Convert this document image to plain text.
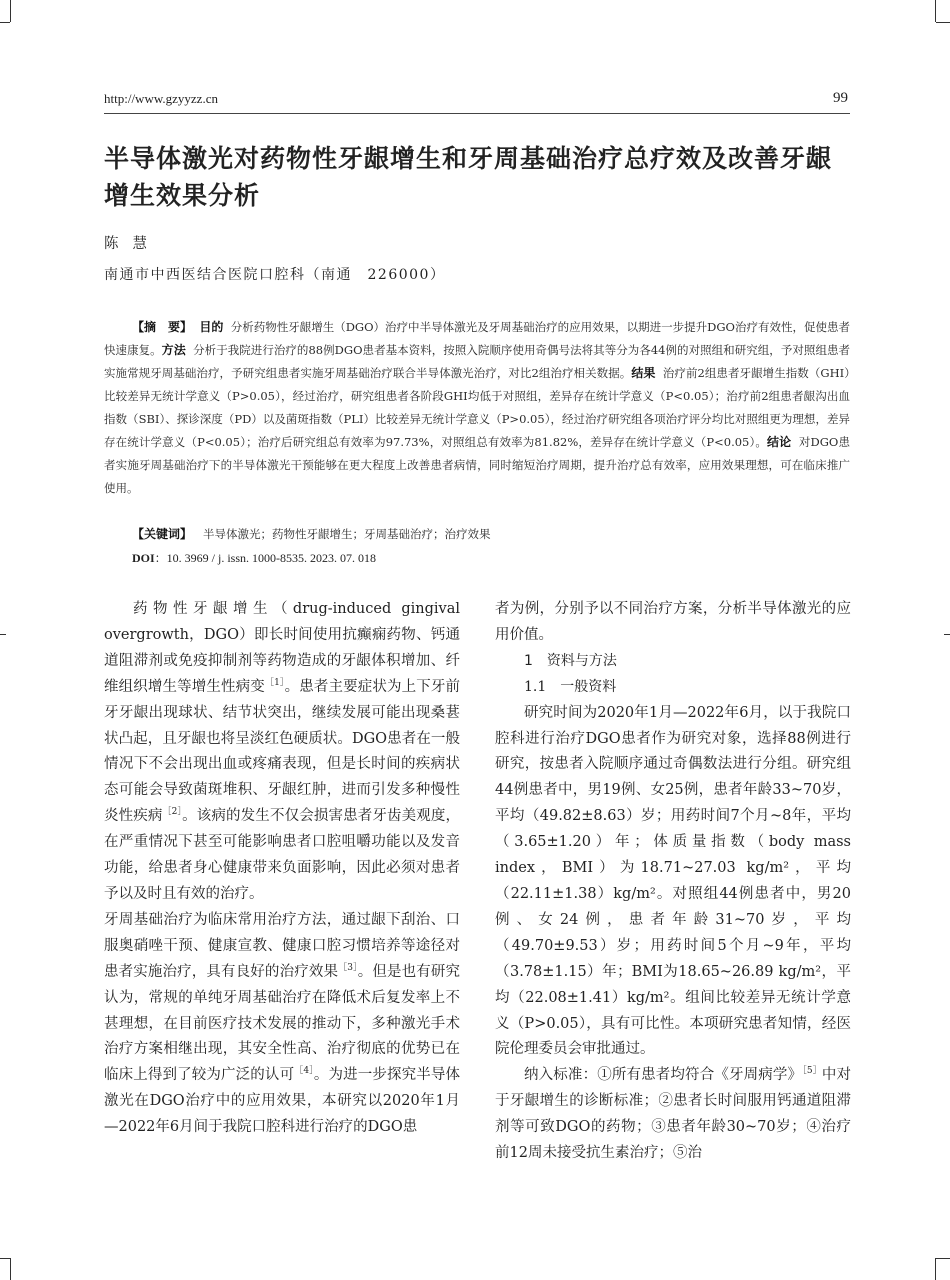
http://www.gzyyzz.cn	99
半导体激光对药物性牙龈增生和牙周基础治疗总疗效及改善牙龈增生效果分析
陈慧
南通市中西医结合医院口腔科（南通　226000）

【摘　要】 目的 分析药物性牙龈增生（DGO）治疗中半导体激光及牙周基础治疗的应用效果，以期进一步提升DGO治疗有效性，促使患者快速康复。方法 分析于我院进行治疗的88例DGO患者基本资料，按照入院顺序使用奇偶号法将其等分为各44例的对照组和研究组，予对照组患者实施常规牙周基础治疗，予研究组患者实施牙周基础治疗联合半导体激光治疗，对比2组治疗相关数据。结果 治疗前2组患者牙龈增生指数（GHI）比较差异无统计学意义（P>0.05），经过治疗，研究组患者各阶段GHI均低于对照组，差异存在统计学意义（P<0.05）；治疗前2组患者龈沟出血指数（SBI）、探诊深度（PD）以及菌斑指数（PLI）比较差异无统计学意义（P>0.05），经过治疗研究组各项治疗评分均比对照组更为理想，差异存在统计学意义（P<0.05）；治疗后研究组总有效率为97.73%，对照组总有效率为81.82%，差异存在统计学意义（P<0.05）。结论 对DGO患者实施牙周基础治疗下的半导体激光干预能够在更大程度上改善患者病情，同时缩短治疗周期，提升治疗总有效率，应用效果理想，可在临床推广使用。

【关键词】 半导体激光；药物性牙龈增生；牙周基础治疗；治疗效果
DOI：10. 3969 / j. issn. 1000-8535. 2023. 07. 018

药物性牙龈增生（drug-induced gingival overgrowth，DGO）即长时间使用抗癫痫药物、钙通道阻滞剂或免疫抑制剂等药物造成的牙龈体积增加、纤维组织增生等增生性病变$^{[1]}$。患者主要症状为上下牙前牙牙龈出现球状、结节状突出，继续发展可能出现桑葚状凸起，且牙龈也将呈淡红色硬质状。DGO患者在一般情况下不会出现出血或疼痛表现，但是长时间的疾病状态可能会导致菌斑堆积、牙龈红肿，进而引发多种慢性炎性疾病$^{[2]}$。该病的发生不仅会损害患者牙齿美观度，在严重情况下甚至可能影响患者口腔咀嚼功能以及发音功能，给患者身心健康带来负面影响，因此必须对患者予以及时且有效的治疗。

牙周基础治疗为临床常用治疗方法，通过龈下刮治、口服奥硝唑干预、健康宣教、健康口腔习惯培养等途径对患者实施治疗，具有良好的治疗效果$^{[3]}$。但是也有研究认为，常规的单纯牙周基础治疗在降低术后复发率上不甚理想，在目前医疗技术发展的推动下，多种激光手术治疗方案相继出现，其安全性高、治疗彻底的优势已在临床上得到了较为广泛的认可$^{[4]}$。为进一步探究半导体激光在DGO治疗中的应用效果，本研究以2020年1月—2022年6月间于我院口腔科进行治疗的DGO患

者为例，分别予以不同治疗方案，分析半导体激光的应用价值。

1　资料与方法

1.1　一般资料

研究时间为2020年1月—2022年6月，以于我院口腔科进行治疗DGO患者作为研究对象，选择88例进行研究，按患者入院顺序通过奇偶数法进行分组。研究组44例患者中，男19例、女25例，患者年龄33~70岁，平均（49.82±8.63）岁；用药时间7个月~8年，平均（3.65±1.20）年；体质量指数（body mass index，BMI）为18.71~27.03 kg/m²，平均（22.11±1.38）kg/m²。对照组44例患者中，男20例、女24例，患者年龄31~70岁，平均（49.70±9.53）岁；用药时间5个月~9年，平均（3.78±1.15）年；BMI为18.65~26.89 kg/m²，平均（22.08±1.41）kg/m²。组间比较差异无统计学意义（P>0.05），具有可比性。本项研究患者知情，经医院伦理委员会审批通过。

纳入标准：①所有患者均符合《牙周病学》$^{[5]}$中对于牙龈增生的诊断标准；②患者长时间服用钙通道阻滞剂等可致DGO的药物；③患者年龄30~70岁；④治疗前12周未接受抗生素治疗；⑤治
